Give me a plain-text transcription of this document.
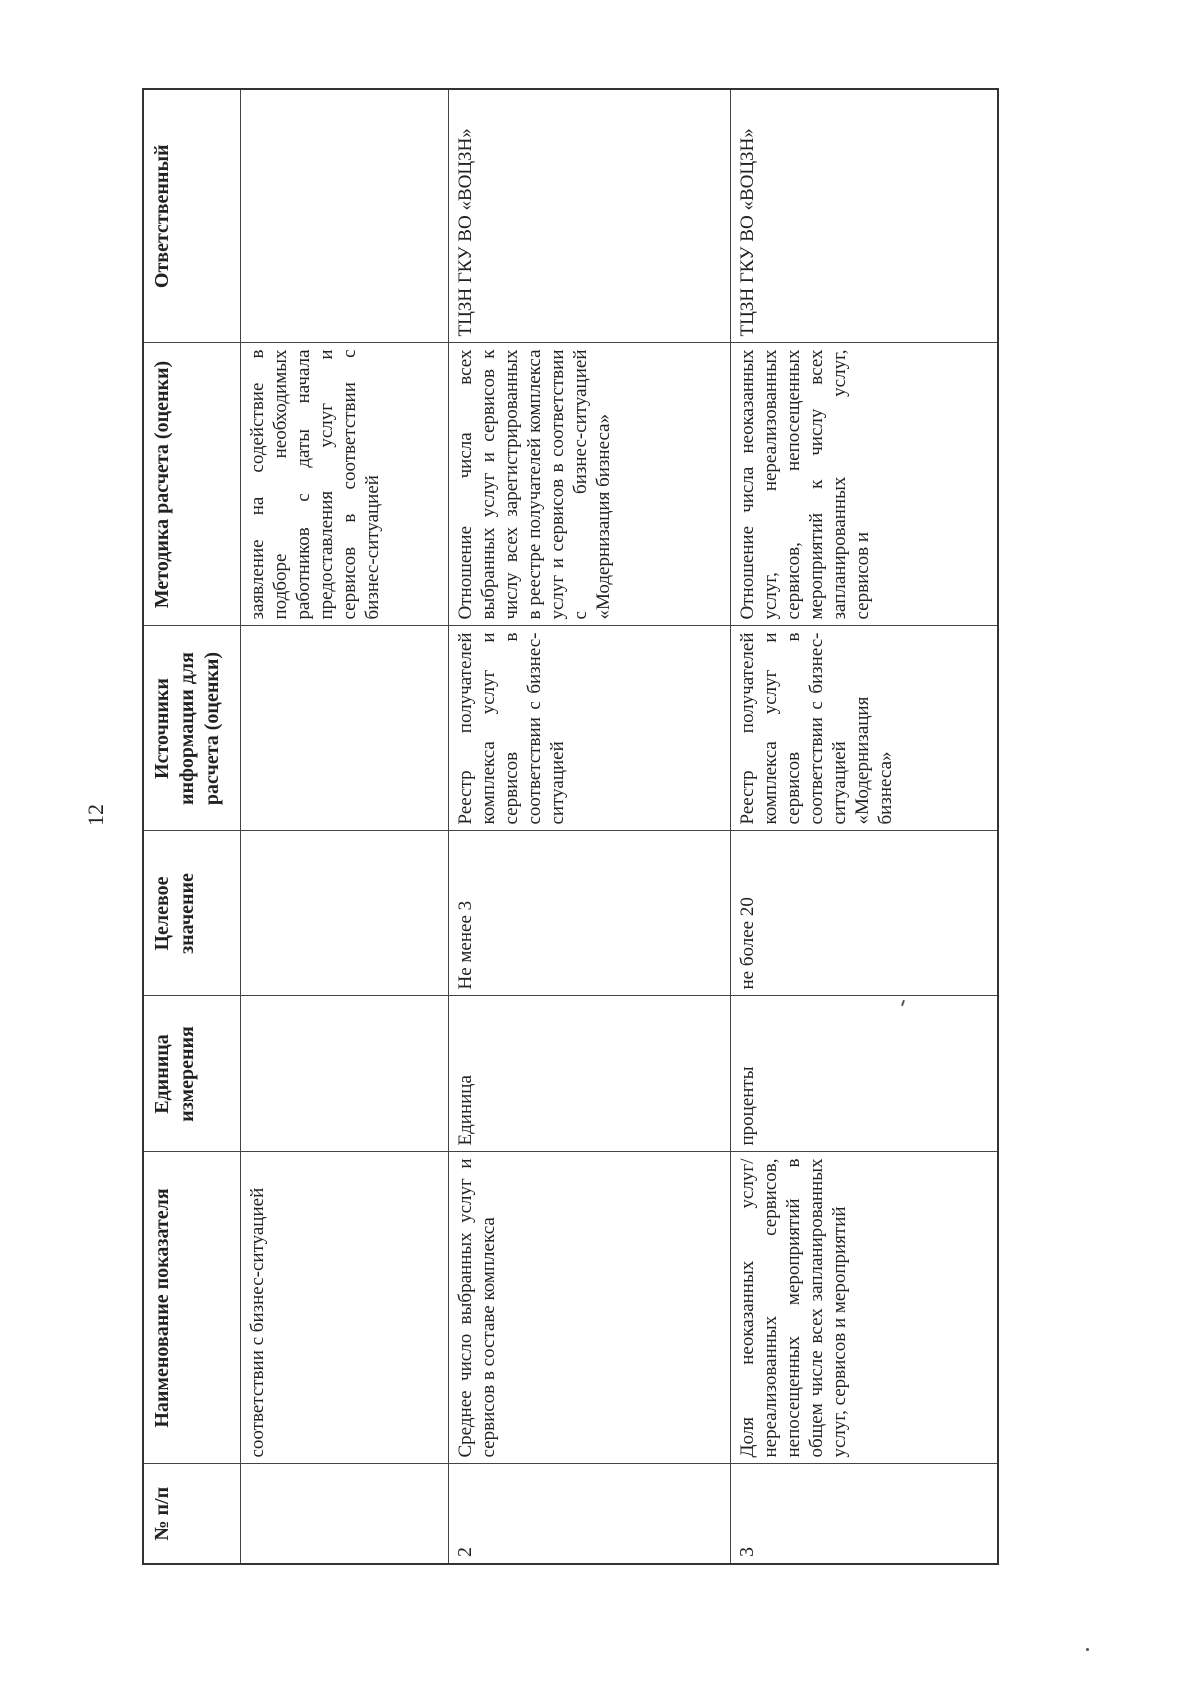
12
№ п/п	Наименование показателя	Единица измерения	Целевое значение	Источники информации для расчета (оценки)	Методика расчета (оценки)	Ответственный
	соответствии с бизнес-ситуацией				заявление на содействие в подборе необходимых работников с даты начала предоставления услуг и сервисов в соответствии с бизнес-ситуацией	
2	Среднее число выбранных услуг и сервисов в составе комплекса	Единица	Не менее 3	Реестр получателей комплекса услуг и сервисов в соответствии с бизнес-ситуацией	Отношение числа всех выбранных услуг и сервисов к числу всех зарегистрированных в реестре получателей комплекса услуг и сервисов в соответствии с бизнес-ситуацией «Модернизация бизнеса»	ТЦЗН ГКУ ВО «ВОЦЗН»
3	Доля неоказанных услуг/нереализованных сервисов, непосещенных мероприятий в общем числе всех запланированных услуг, сервисов и мероприятий	проценты	не более 20	Реестр получателей комплекса услуг и сервисов в соответствии с бизнес-ситуацией «Модернизация бизнеса»	Отношение числа неоказанных услуг, нереализованных сервисов, непосещенных мероприятий к числу всех запланированных услуг, сервисов и	ТЦЗН ГКУ ВО «ВОЦЗН»
